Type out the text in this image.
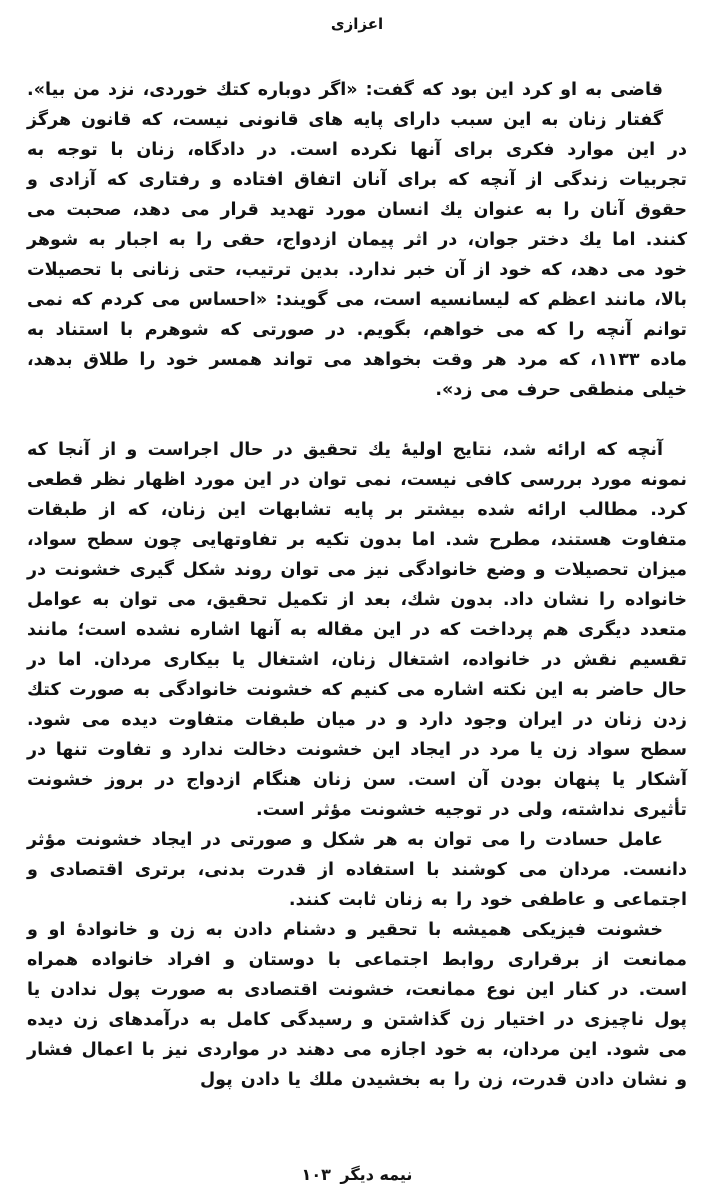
اعزازی

قاضی به او کرد این بود که گفت: «اگر دوباره کتك خوردی، نزد من بیا».

گفتار زنان به این سبب دارای پایه های قانونی نیست، که قانون هرگز در این موارد فکری برای آنها نکرده است. در دادگاه، زنان با توجه به تجربیات زندگی از آنچه که برای آنان اتفاق افتاده و رفتاری که آزادی و حقوق آنان را به عنوان یك انسان مورد تهدید قرار می دهد، صحبت می کنند. اما یك دختر جوان، در اثر پیمان ازدواج، حقی را به اجبار به شوهر خود می دهد، که خود از آن خبر ندارد. بدین ترتیب، حتی زنانی با تحصیلات بالا، مانند اعظم که لیسانسیه است، می گویند: «احساس می کردم که نمی توانم آنچه را که می خواهم، بگویم. در صورتی که شوهرم با استناد به ماده ۱۱۳۳، که مرد هر وقت بخواهد می تواند همسر خود را طلاق بدهد، خیلی منطقی حرف می زد».

آنچه که ارائه شد، نتایج اولیهٔ یك تحقیق در حال اجراست و از آنجا که نمونه مورد بررسی کافی نیست، نمی توان در این مورد اظهار نظر قطعی کرد. مطالب ارائه شده بیشتر بر پایه تشابهات این زنان، که از طبقات متفاوت هستند، مطرح شد. اما بدون تکیه بر تفاوتهایی چون سطح سواد، میزان تحصیلات و وضع خانوادگی نیز می توان روند شکل گیری خشونت در خانواده را نشان داد. بدون شك، بعد از تکمیل تحقیق، می توان به عوامل متعدد دیگری هم پرداخت که در این مقاله به آنها اشاره نشده است؛ مانند تقسیم نقش در خانواده، اشتغال زنان، اشتغال یا بیکاری مردان. اما در حال حاضر به این نکته اشاره می کنیم که خشونت خانوادگی به صورت کتك زدن زنان در ایران وجود دارد و در میان طبقات متفاوت دیده می شود. سطح سواد زن یا مرد در ایجاد این خشونت دخالت ندارد و تفاوت تنها در آشکار یا پنهان بودن آن است. سن زنان هنگام ازدواج در بروز خشونت تأثیری نداشته، ولی در توجیه خشونت مؤثر است.

عامل حسادت را می توان به هر شکل و صورتی در ایجاد خشونت مؤثر دانست. مردان می کوشند با استفاده از قدرت بدنی، برتری اقتصادی و اجتماعی و عاطفی خود را به زنان ثابت کنند.

خشونت فیزیکی همیشه با تحقیر و دشنام دادن به زن و خانوادهٔ او و ممانعت از برقراری روابط اجتماعی با دوستان و افراد خانواده همراه است. در کنار این نوع ممانعت، خشونت اقتصادی به صورت پول ندادن یا پول ناچیزی در اختیار زن گذاشتن و رسیدگی کامل به درآمدهای زن دیده می شود. این مردان، به خود اجازه می دهند در مواردی نیز با اعمال فشار و نشان دادن قدرت، زن را به بخشیدن ملك یا دادن پول

نیمه دیگر ۱۰۳
